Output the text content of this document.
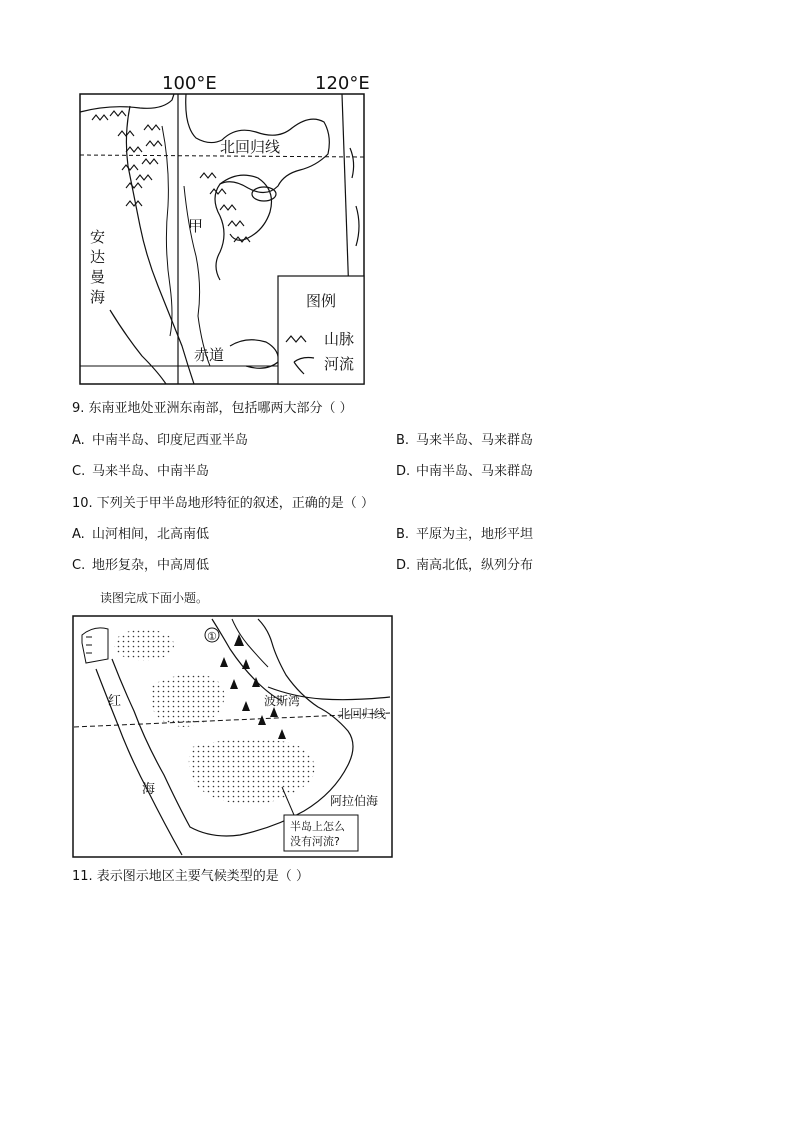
100°E	120°E
北回归线
甲
安
达
曼
海
赤道
图例
山脉
河流
9. 东南亚地处亚洲东南部，包括哪两大部分（ ）
A. 中南半岛、印度尼西亚半岛	B. 马来半岛、马来群岛
C. 马来半岛、中南半岛	D. 中南半岛、马来群岛
10. 下列关于甲半岛地形特征的叙述，正确的是（ ）
A. 山河相间，北高南低	B. 平原为主，地形平坦
C. 地形复杂，中高周低	D. 南高北低，纵列分布
读图完成下面小题。
①
红
海
波斯湾
北回归线
阿拉伯海
半岛上怎么
没有河流?
11. 表示图示地区主要气候类型的是（ ）
